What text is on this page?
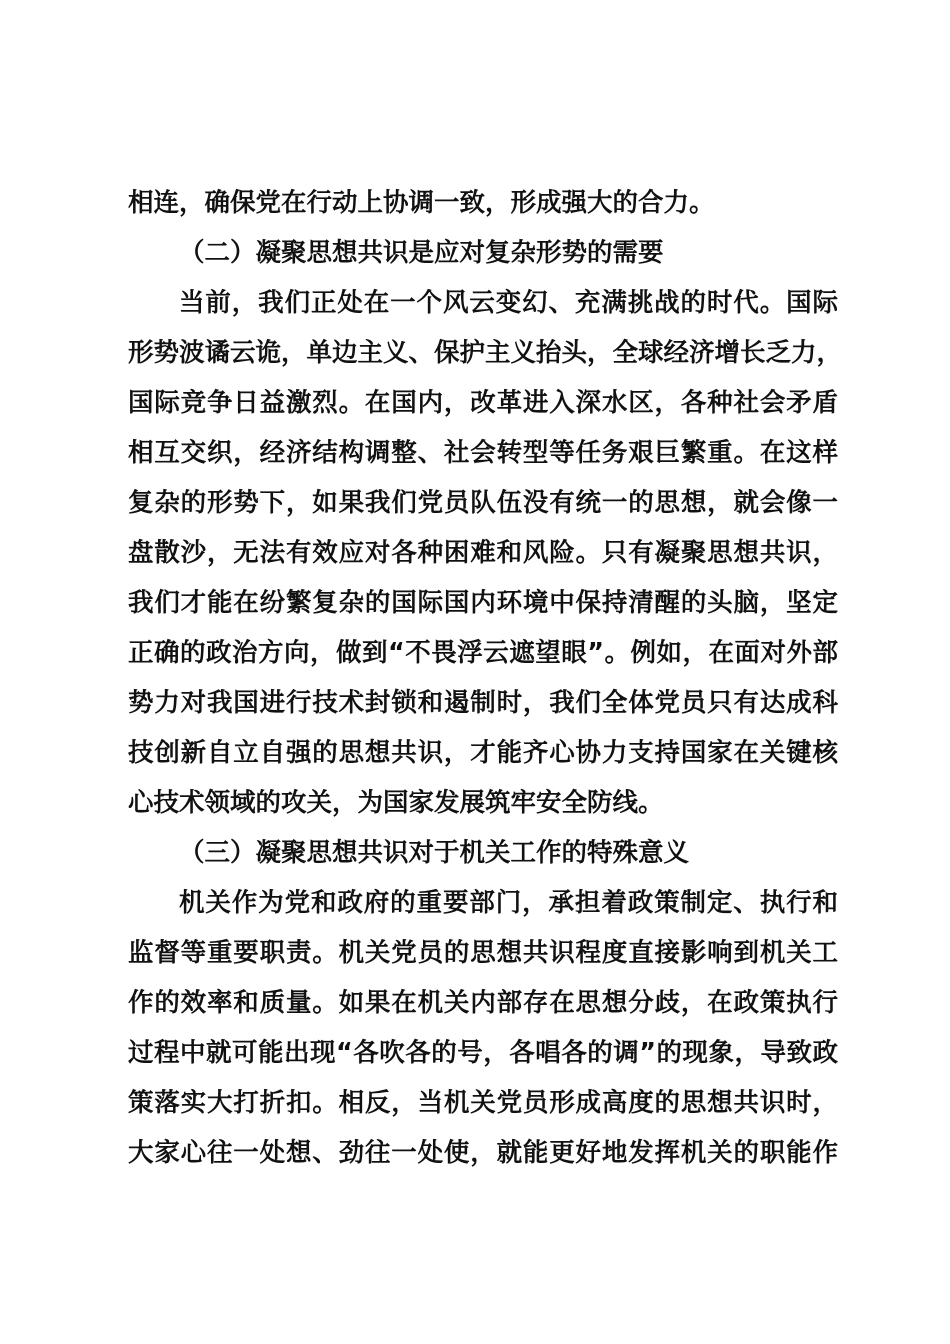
相连，确保党在行动上协调一致，形成强大的合力。
（二）凝聚思想共识是应对复杂形势的需要
当前，我们正处在一个风云变幻、充满挑战的时代。国际
形势波谲云诡，单边主义、保护主义抬头，全球经济增长乏力，
国际竞争日益激烈。在国内，改革进入深水区，各种社会矛盾
相互交织，经济结构调整、社会转型等任务艰巨繁重。在这样
复杂的形势下，如果我们党员队伍没有统一的思想，就会像一
盘散沙，无法有效应对各种困难和风险。只有凝聚思想共识，
我们才能在纷繁复杂的国际国内环境中保持清醒的头脑，坚定
正确的政治方向，做到“不畏浮云遮望眼”。例如，在面对外部
势力对我国进行技术封锁和遏制时，我们全体党员只有达成科
技创新自立自强的思想共识，才能齐心协力支持国家在关键核
心技术领域的攻关，为国家发展筑牢安全防线。
（三）凝聚思想共识对于机关工作的特殊意义
机关作为党和政府的重要部门，承担着政策制定、执行和
监督等重要职责。机关党员的思想共识程度直接影响到机关工
作的效率和质量。如果在机关内部存在思想分歧，在政策执行
过程中就可能出现“各吹各的号，各唱各的调”的现象，导致政
策落实大打折扣。相反，当机关党员形成高度的思想共识时，
大家心往一处想、劲往一处使，就能更好地发挥机关的职能作
